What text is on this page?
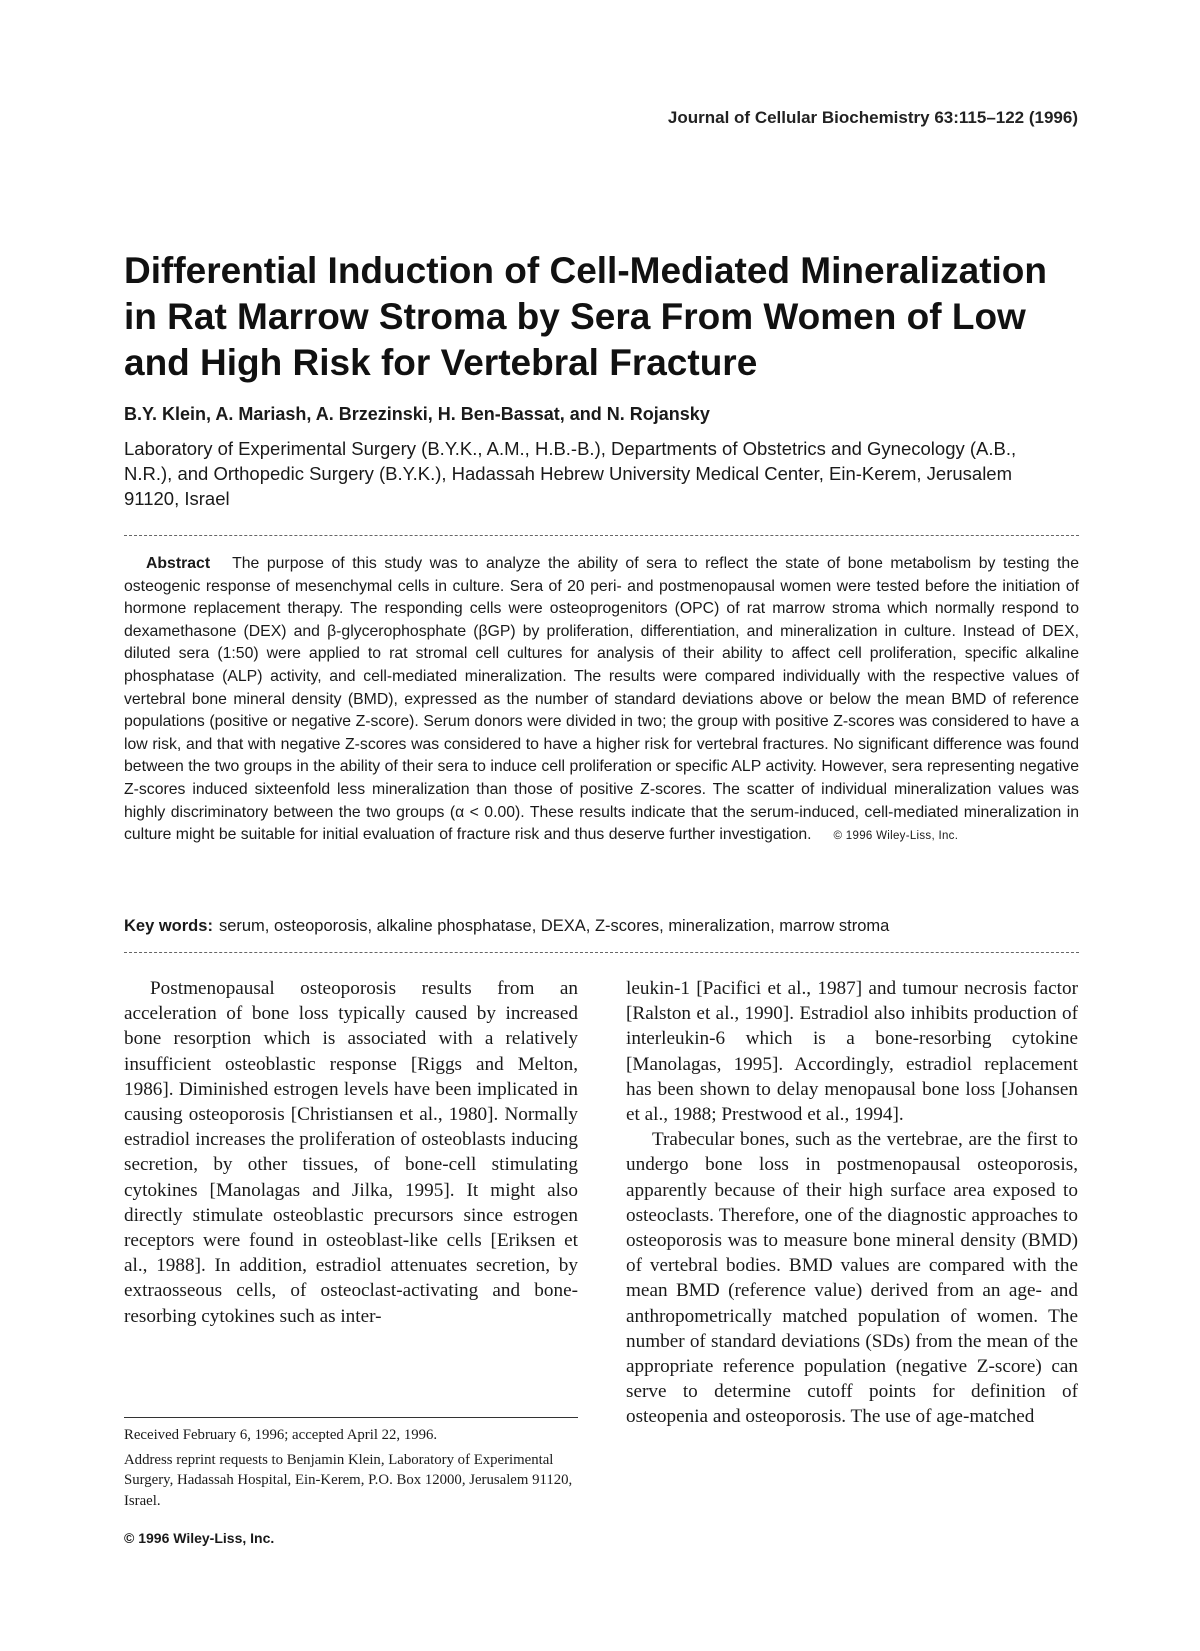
Journal of Cellular Biochemistry 63:115–122 (1996)
Differential Induction of Cell-Mediated Mineralization in Rat Marrow Stroma by Sera From Women of Low and High Risk for Vertebral Fracture
B.Y. Klein, A. Mariash, A. Brzezinski, H. Ben-Bassat, and N. Rojansky
Laboratory of Experimental Surgery (B.Y.K., A.M., H.B.-B.), Departments of Obstetrics and Gynecology (A.B., N.R.), and Orthopedic Surgery (B.Y.K.), Hadassah Hebrew University Medical Center, Ein-Kerem, Jerusalem 91120, Israel
Abstract The purpose of this study was to analyze the ability of sera to reflect the state of bone metabolism by testing the osteogenic response of mesenchymal cells in culture. Sera of 20 peri- and postmenopausal women were tested before the initiation of hormone replacement therapy. The responding cells were osteoprogenitors (OPC) of rat marrow stroma which normally respond to dexamethasone (DEX) and β-glycerophosphate (βGP) by proliferation, differentiation, and mineralization in culture. Instead of DEX, diluted sera (1:50) were applied to rat stromal cell cultures for analysis of their ability to affect cell proliferation, specific alkaline phosphatase (ALP) activity, and cell-mediated mineralization. The results were compared individually with the respective values of vertebral bone mineral density (BMD), expressed as the number of standard deviations above or below the mean BMD of reference populations (positive or negative Z-score). Serum donors were divided in two; the group with positive Z-scores was considered to have a low risk, and that with negative Z-scores was considered to have a higher risk for vertebral fractures. No significant difference was found between the two groups in the ability of their sera to induce cell proliferation or specific ALP activity. However, sera representing negative Z-scores induced sixteenfold less mineralization than those of positive Z-scores. The scatter of individual mineralization values was highly discriminatory between the two groups (α < 0.00). These results indicate that the serum-induced, cell-mediated mineralization in culture might be suitable for initial evaluation of fracture risk and thus deserve further investigation. © 1996 Wiley-Liss, Inc.
Key words: serum, osteoporosis, alkaline phosphatase, DEXA, Z-scores, mineralization, marrow stroma

Postmenopausal osteoporosis results from an acceleration of bone loss typically caused by increased bone resorption which is associated with a relatively insufficient osteoblastic response [Riggs and Melton, 1986]. Diminished estrogen levels have been implicated in causing osteoporosis [Christiansen et al., 1980]. Normally estradiol increases the proliferation of osteoblasts inducing secretion, by other tissues, of bone-cell stimulating cytokines [Manolagas and Jilka, 1995]. It might also directly stimulate osteoblastic precursors since estrogen receptors were found in osteoblast-like cells [Eriksen et al., 1988]. In addition, estradiol attenuates secretion, by extraosseous cells, of osteoclast-activating and bone-resorbing cytokines such as inter-

leukin-1 [Pacifici et al., 1987] and tumour necrosis factor [Ralston et al., 1990]. Estradiol also inhibits production of interleukin-6 which is a bone-resorbing cytokine [Manolagas, 1995]. Accordingly, estradiol replacement has been shown to delay menopausal bone loss [Johansen et al., 1988; Prestwood et al., 1994].

Trabecular bones, such as the vertebrae, are the first to undergo bone loss in postmenopausal osteoporosis, apparently because of their high surface area exposed to osteoclasts. Therefore, one of the diagnostic approaches to osteoporosis was to measure bone mineral density (BMD) of vertebral bodies. BMD values are compared with the mean BMD (reference value) derived from an age- and anthropometrically matched population of women. The number of standard deviations (SDs) from the mean of the appropriate reference population (negative Z-score) can serve to determine cutoff points for definition of osteopenia and osteoporosis. The use of age-matched

Received February 6, 1996; accepted April 22, 1996.

Address reprint requests to Benjamin Klein, Laboratory of Experimental Surgery, Hadassah Hospital, Ein-Kerem, P.O. Box 12000, Jerusalem 91120, Israel.

© 1996 Wiley-Liss, Inc.
